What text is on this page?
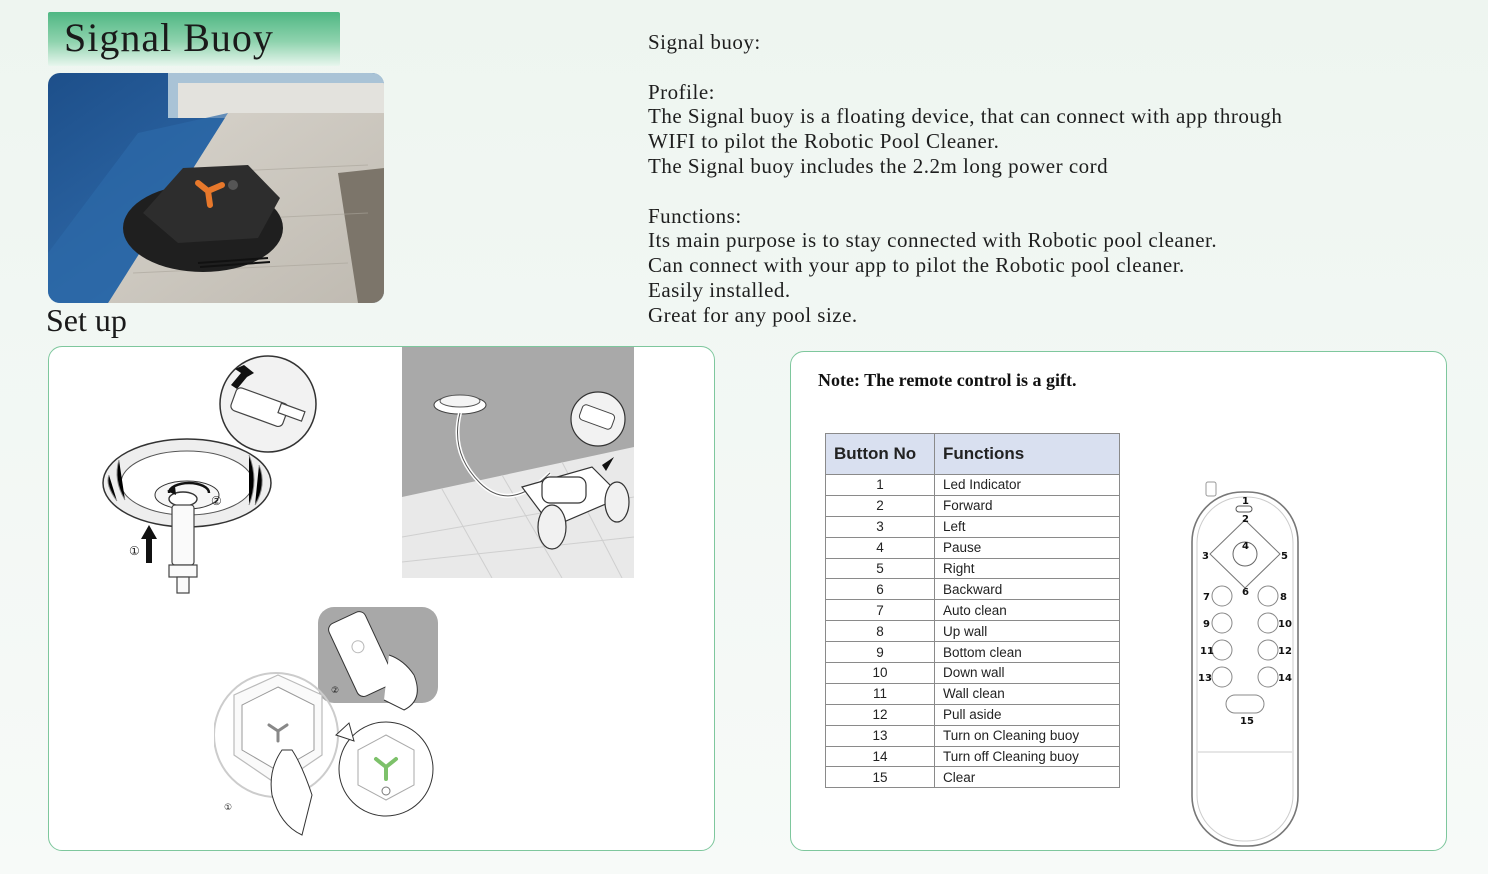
Signal Buoy	Signal buoy:

Profile:

The Signal buoy is a floating device, that can connect with app through

WIFI to pilot the Robotic Pool Cleaner.

The Signal buoy includes the 2.2m long power cord

Functions:

Its main purpose is to stay connected with Robotic pool cleaner.

Can connect with your app to pilot the Robotic pool cleaner.

Easily installed.

Great for any pool size.

Set up
②
①
②
①
Note: The remote control is a gift.
Button No	Functions
1	Led Indicator
2	Forward
3	Left
4	Pause
5	Right
6	Backward
7	Auto clean
8	Up wall
9	Bottom clean
10	Down wall
11	Wall clean
12	Pull aside
13	Turn on Cleaning buoy
14	Turn off Cleaning buoy
15	Clear
1
2
3
4
5
6
7	8
9	10
11	12
13	14
15
